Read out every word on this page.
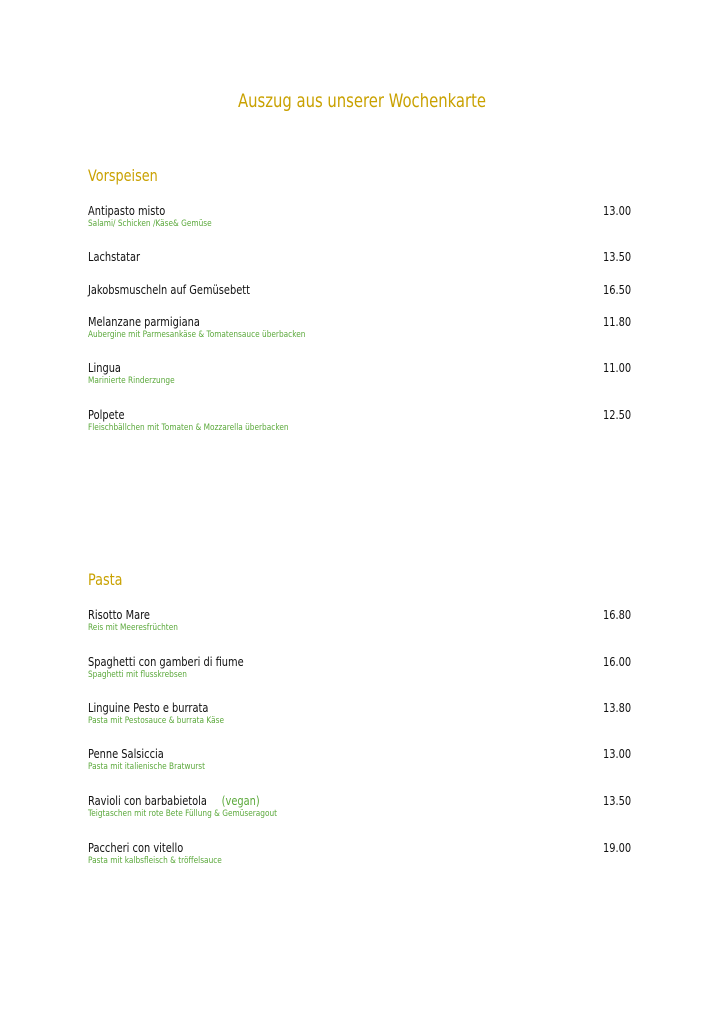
Auszug aus unserer Wochenkarte
Vorspeisen
Antipasto misto	13.00
Salami/ Schicken /Käse& Gemüse
Lachstatar	13.50
Jakobsmuscheln auf Gemüsebett	16.50
Melanzane parmigiana	11.80
Aubergine mit Parmesankäse & Tomatensauce überbacken
Lingua	11.00
Marinierte Rinderzunge
Polpete	12.50
Fleischbällchen mit Tomaten & Mozzarella überbacken
Pasta
Risotto Mare	16.80
Reis mit Meeresfrüchten
Spaghetti con gamberi di fiume	16.00
Spaghetti mit flusskrebsen
Linguine Pesto e burrata	13.80
Pasta mit Pestosauce & burrata Käse
Penne Salsiccia	13.00
Pasta mit italienische Bratwurst
Ravioli con barbabietola (vegan)	13.50
Teigtaschen mit rote Bete Füllung & Gemüseragout
Paccheri con vitello	19.00
Pasta mit kalbsfleisch & tröffelsauce
